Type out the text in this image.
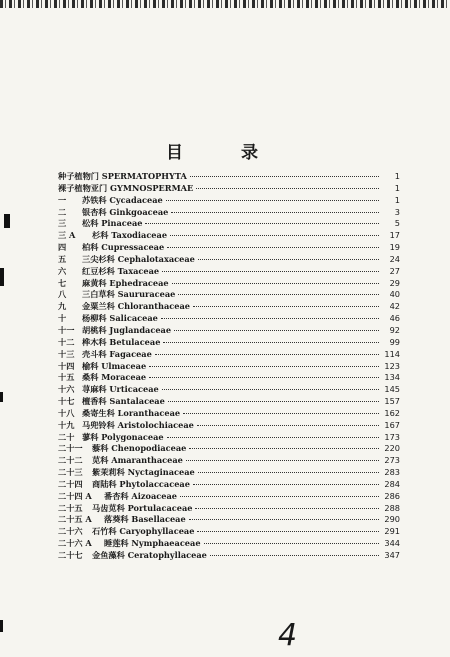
目 录
种子植物门 SPERMATOPHYTA	1
裸子植物亚门 GYMNOSPERMAE	1
一	苏铁科 Cycadaceae	1
二	银杏科 Ginkgoaceae	3
三	松科 Pinaceae	5
三 A	杉科 Taxodiaceae	17
四	柏科 Cupressaceae	19
五	三尖杉科 Cephalotaxaceae	24
六	红豆杉科 Taxaceae	27
七	麻黄科 Ephedraceae	29
八	三白草科 Saururaceae	40
九	金粟兰科 Chloranthaceae	42
十	杨柳科 Salicaceae	46
十一 胡桃科 Juglandaceae	92
十二 桦木科 Betulaceae	99
十三 壳斗科 Fagaceae	114
十四 榆科 Ulmaceae	123
十五 桑科 Moraceae	134
十六 荨麻科 Urticaceae	145
十七 檀香科 Santalaceae	157
十八 桑寄生科 Loranthaceae	162
十九 马兜铃科 Aristolochiaceae	167
二十 蓼科 Polygonaceae	173
二十一	藜科 Chenopodiaceae	220
二十二	苋科 Amaranthaceae	273
二十三	紫茉莉科 Nyctaginaceae	283
二十四	商陆科 Phytolaccaceae	284
二十四 A	番杏科 Aizoaceae	286
二十五	马齿苋科 Portulacaceae	288
二十五 A	落葵科 Basellaceae	290
二十六	石竹科 Caryophyllaceae	291
二十六 A	睡莲科 Nymphaeaceae	344
二十七	金鱼藻科 Ceratophyllaceae	347
4
